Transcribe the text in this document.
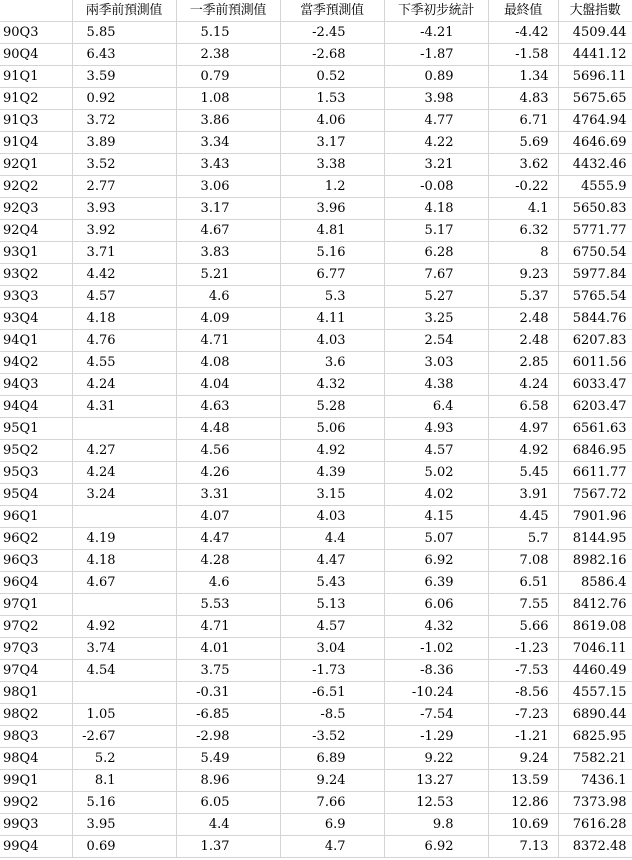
	兩季前預測值	一季前預測值	當季預測值	下季初步統計	最終值	大盤指數
90Q3	5.85	5.15	-2.45	-4.21	-4.42	4509.44
90Q4	6.43	2.38	-2.68	-1.87	-1.58	4441.12
91Q1	3.59	0.79	0.52	0.89	1.34	5696.11
91Q2	0.92	1.08	1.53	3.98	4.83	5675.65
91Q3	3.72	3.86	4.06	4.77	6.71	4764.94
91Q4	3.89	3.34	3.17	4.22	5.69	4646.69
92Q1	3.52	3.43	3.38	3.21	3.62	4432.46
92Q2	2.77	3.06	1.2	-0.08	-0.22	4555.9
92Q3	3.93	3.17	3.96	4.18	4.1	5650.83
92Q4	3.92	4.67	4.81	5.17	6.32	5771.77
93Q1	3.71	3.83	5.16	6.28	8	6750.54
93Q2	4.42	5.21	6.77	7.67	9.23	5977.84
93Q3	4.57	4.6	5.3	5.27	5.37	5765.54
93Q4	4.18	4.09	4.11	3.25	2.48	5844.76
94Q1	4.76	4.71	4.03	2.54	2.48	6207.83
94Q2	4.55	4.08	3.6	3.03	2.85	6011.56
94Q3	4.24	4.04	4.32	4.38	4.24	6033.47
94Q4	4.31	4.63	5.28	6.4	6.58	6203.47
95Q1		4.48	5.06	4.93	4.97	6561.63
95Q2	4.27	4.56	4.92	4.57	4.92	6846.95
95Q3	4.24	4.26	4.39	5.02	5.45	6611.77
95Q4	3.24	3.31	3.15	4.02	3.91	7567.72
96Q1		4.07	4.03	4.15	4.45	7901.96
96Q2	4.19	4.47	4.4	5.07	5.7	8144.95
96Q3	4.18	4.28	4.47	6.92	7.08	8982.16
96Q4	4.67	4.6	5.43	6.39	6.51	8586.4
97Q1		5.53	5.13	6.06	7.55	8412.76
97Q2	4.92	4.71	4.57	4.32	5.66	8619.08
97Q3	3.74	4.01	3.04	-1.02	-1.23	7046.11
97Q4	4.54	3.75	-1.73	-8.36	-7.53	4460.49
98Q1		-0.31	-6.51	-10.24	-8.56	4557.15
98Q2	1.05	-6.85	-8.5	-7.54	-7.23	6890.44
98Q3	-2.67	-2.98	-3.52	-1.29	-1.21	6825.95
98Q4	5.2	5.49	6.89	9.22	9.24	7582.21
99Q1	8.1	8.96	9.24	13.27	13.59	7436.1
99Q2	5.16	6.05	7.66	12.53	12.86	7373.98
99Q3	3.95	4.4	6.9	9.8	10.69	7616.28
99Q4	0.69	1.37	4.7	6.92	7.13	8372.48
